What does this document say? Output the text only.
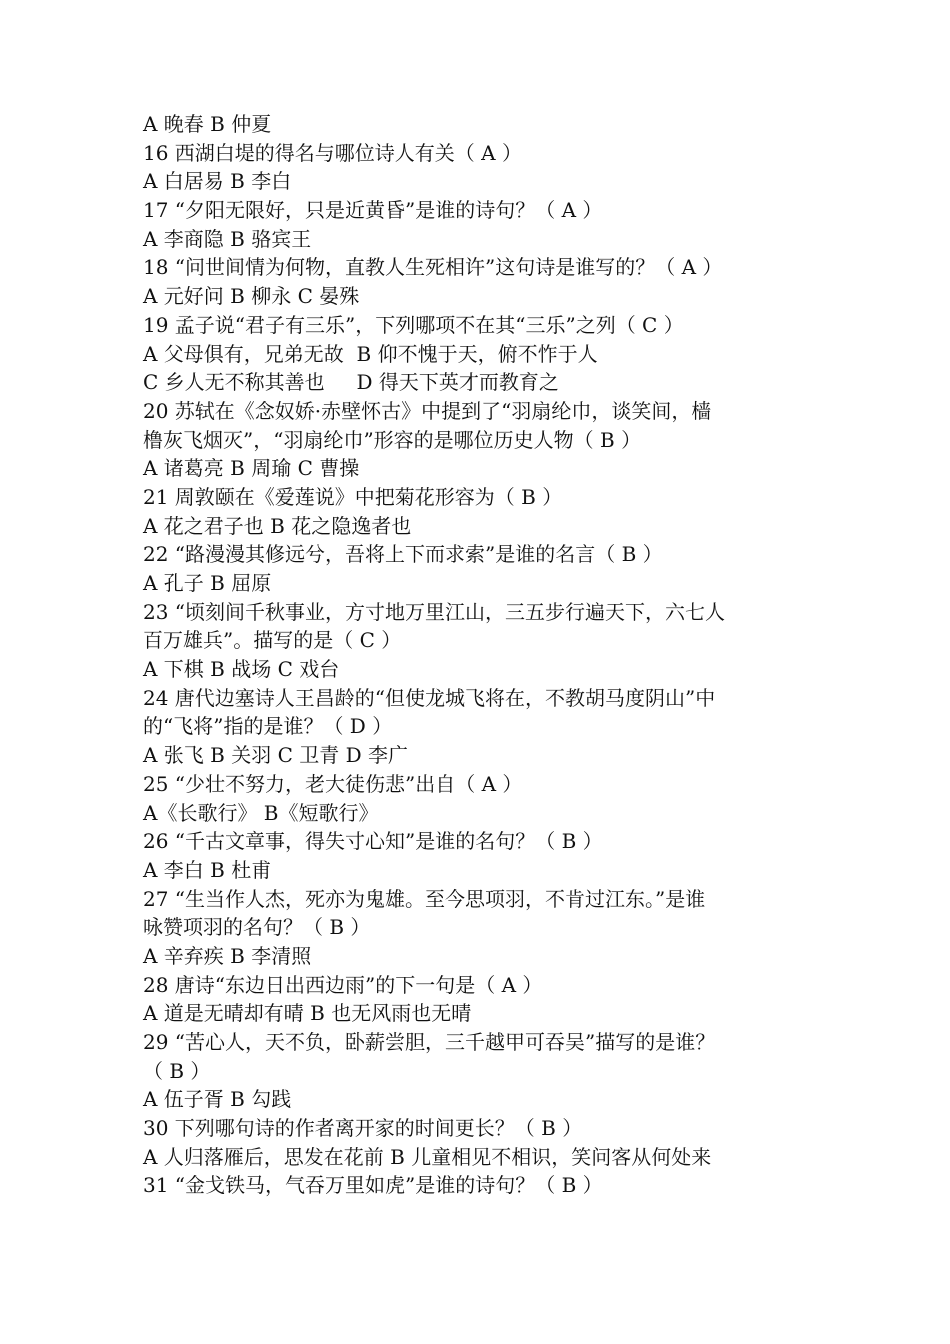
A 晚春 B 仲夏
16 西湖白堤的得名与哪位诗人有关（ A ）
A 白居易 B 李白
17 “夕阳无限好，只是近黄昏”是谁的诗句？（ A ）
A 李商隐 B 骆宾王
18 “问世间情为何物，直教人生死相许”这句诗是谁写的？（ A ）
A 元好问 B 柳永 C 晏殊
19 孟子说“君子有三乐”，下列哪项不在其“三乐”之列（ C ）
A 父母俱有，兄弟无故  B 仰不愧于天，俯不怍于人
C 乡人无不称其善也     D 得天下英才而教育之
20 苏轼在《念奴娇·赤壁怀古》中提到了“羽扇纶巾，谈笑间，樯
橹灰飞烟灭”，“羽扇纶巾”形容的是哪位历史人物（ B ）
A 诸葛亮 B 周瑜 C 曹操
21 周敦颐在《爱莲说》中把菊花形容为（ B ）
A 花之君子也 B 花之隐逸者也
22 “路漫漫其修远兮，吾将上下而求索”是谁的名言（ B ）
A 孔子 B 屈原
23 “顷刻间千秋事业，方寸地万里江山，三五步行遍天下，六七人
百万雄兵”。描写的是（ C ）
A 下棋 B 战场 C 戏台
24 唐代边塞诗人王昌龄的“但使龙城飞将在，不教胡马度阴山”中
的“飞将”指的是谁？（ D ）
A 张飞 B 关羽 C 卫青 D 李广
25 “少壮不努力，老大徒伤悲”出自（ A ）
A《长歌行》 B《短歌行》
26 “千古文章事，得失寸心知”是谁的名句？（ B ）
A 李白 B 杜甫
27 “生当作人杰，死亦为鬼雄。至今思项羽，不肯过江东。”是谁
咏赞项羽的名句？（ B ）
A 辛弃疾 B 李清照
28 唐诗“东边日出西边雨”的下一句是（ A ）
A 道是无晴却有晴 B 也无风雨也无晴
29 “苦心人，天不负，卧薪尝胆，三千越甲可吞吴”描写的是谁？
（ B ）
A 伍子胥 B 勾践
30 下列哪句诗的作者离开家的时间更长？（ B ）
A 人归落雁后，思发在花前 B 儿童相见不相识，笑问客从何处来
31 “金戈铁马，气吞万里如虎”是谁的诗句？（ B ）
